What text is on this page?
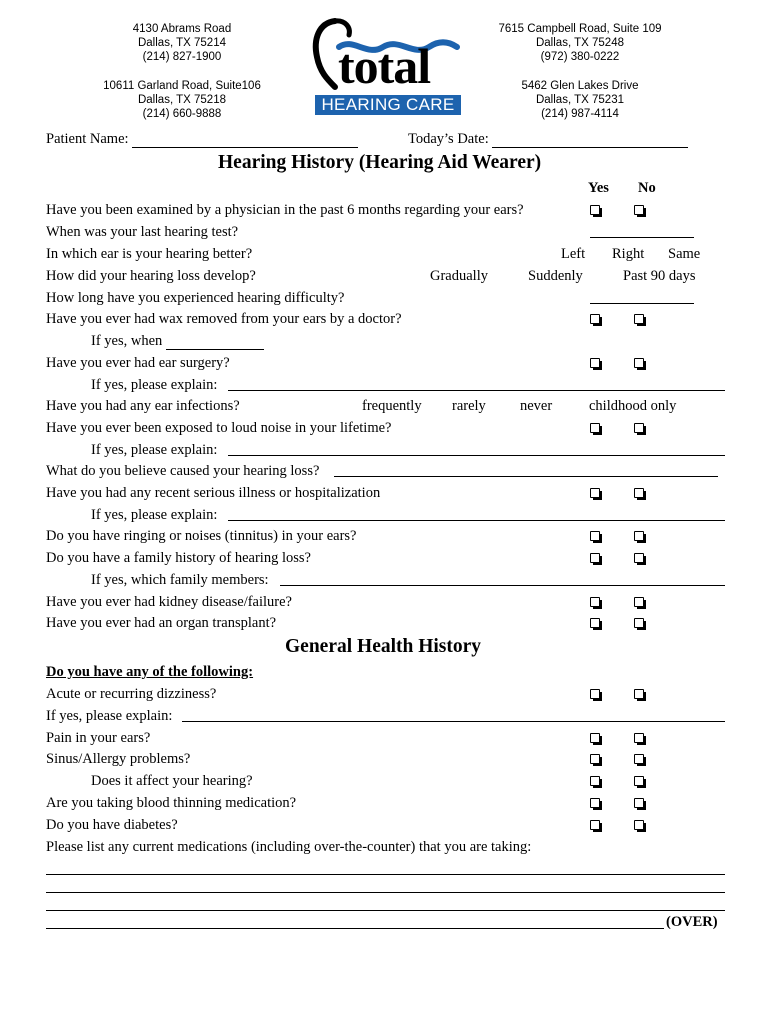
4130 Abrams Road
Dallas, TX 75214
(214) 827-1900
10611 Garland Road, Suite106
Dallas, TX 75218
(214) 660-9888
7615 Campbell Road, Suite 109
Dallas, TX 75248
(972) 380-0222
5462 Glen Lakes Drive
Dallas, TX 75231
(214) 987-4114
total
HEARING CARE
Patient Name:	Today’s Date:
Hearing History (Hearing Aid Wearer)
Yes No
Have you been examined by a physician in the past 6 months regarding your ears?
When was your last hearing test?
In which ear is your hearing better?	Left Right Same
How did your hearing loss develop?	Gradually	Suddenly	Past 90 days
How long have you experienced hearing difficulty?
Have you ever had wax removed from your ears by a doctor?
If yes, when
Have you ever had ear surgery?
If yes, please explain:
Have you had any ear infections?	frequently rarely never	childhood only
Have you ever been exposed to loud noise in your lifetime?
If yes, please explain:
What do you believe caused your hearing loss?
Have you had any recent serious illness or hospitalization
If yes, please explain:
Do you have ringing or noises (tinnitus) in your ears?
Do you have a family history of hearing loss?
If yes, which family members:
Have you ever had kidney disease/failure?
Have you ever had an organ transplant?
General Health History
Do you have any of the following:
Acute or recurring dizziness?
If yes, please explain:
Pain in your ears?
Sinus/Allergy problems?
Does it affect your hearing?
Are you taking blood thinning medication?
Do you have diabetes?
Please list any current medications (including over-the-counter) that you are taking:
(OVER)
